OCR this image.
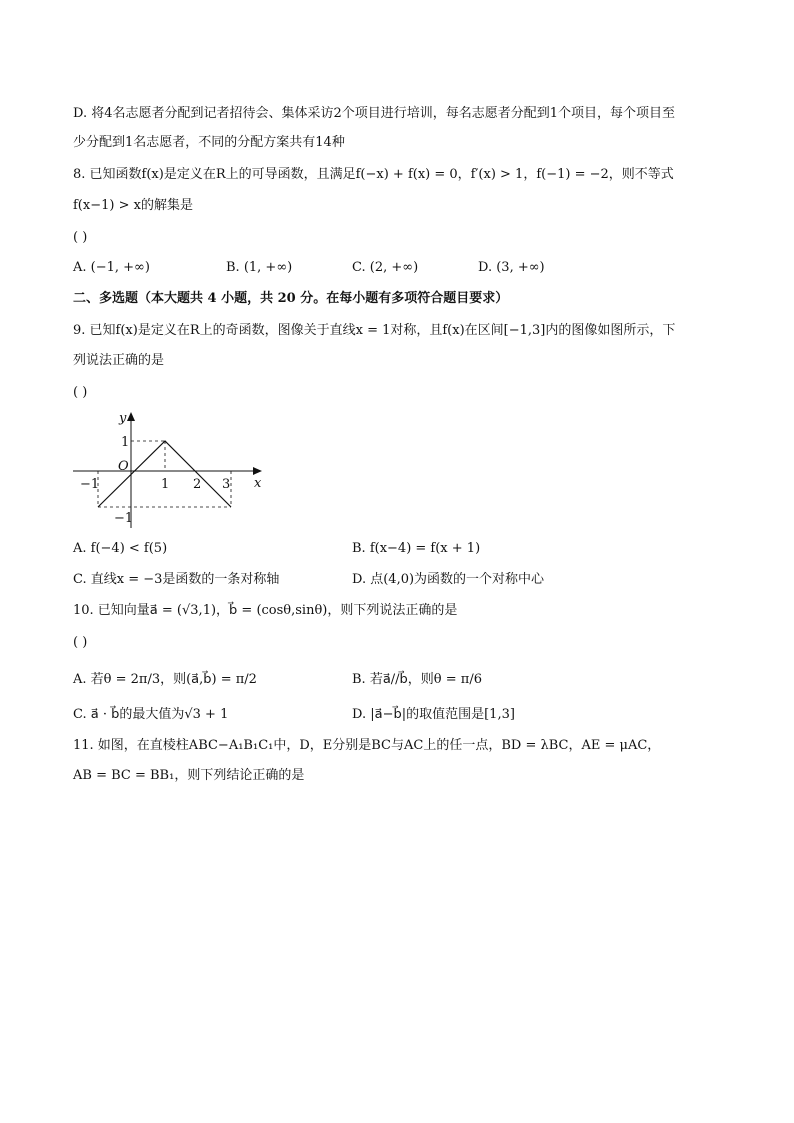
D. 将4名志愿者分配到记者招待会、集体采访2个项目进行培训，每名志愿者分配到1个项目，每个项目至
少分配到1名志愿者，不同的分配方案共有14种
8. 已知函数f(x)是定义在R上的可导函数，且满足f(−x) + f(x) = 0，f′(x) > 1，f(−1) = −2，则不等式
f(x−1) > x的解集是
( )
A. (−1, +∞)	B. (1, +∞)	C. (2, +∞)	D. (3, +∞)
二、多选题（本大题共 4 小题，共 20 分。在每小题有多项符合题目要求）
9. 已知f(x)是定义在R上的奇函数，图像关于直线x = 1对称，且f(x)在区间[−1,3]内的图像如图所示，下
列说法正确的是
( )
y
x
O
−1	1 2 3
1
−1
A. f(−4) < f(5)	B. f(x−4) = f(x + 1)
C. 直线x = −3是函数的一条对称轴	D. 点(4,0)为函数的一个对称中心
10. 已知向量a⃗ = (√3,1)，b⃗ = (cosθ,sinθ)，则下列说法正确的是
( )
A. 若θ = 2π/3，则(a⃗,b⃗) = π/2	B. 若a⃗//b⃗，则θ = π/6
C. a⃗ · b⃗的最大值为√3 + 1	D. |a⃗−b⃗|的取值范围是[1,3]
11. 如图，在直棱柱ABC−A₁B₁C₁中，D，E分别是BC与AC上的任一点，BD = λBC，AE = μAC，
AB = BC = BB₁，则下列结论正确的是
